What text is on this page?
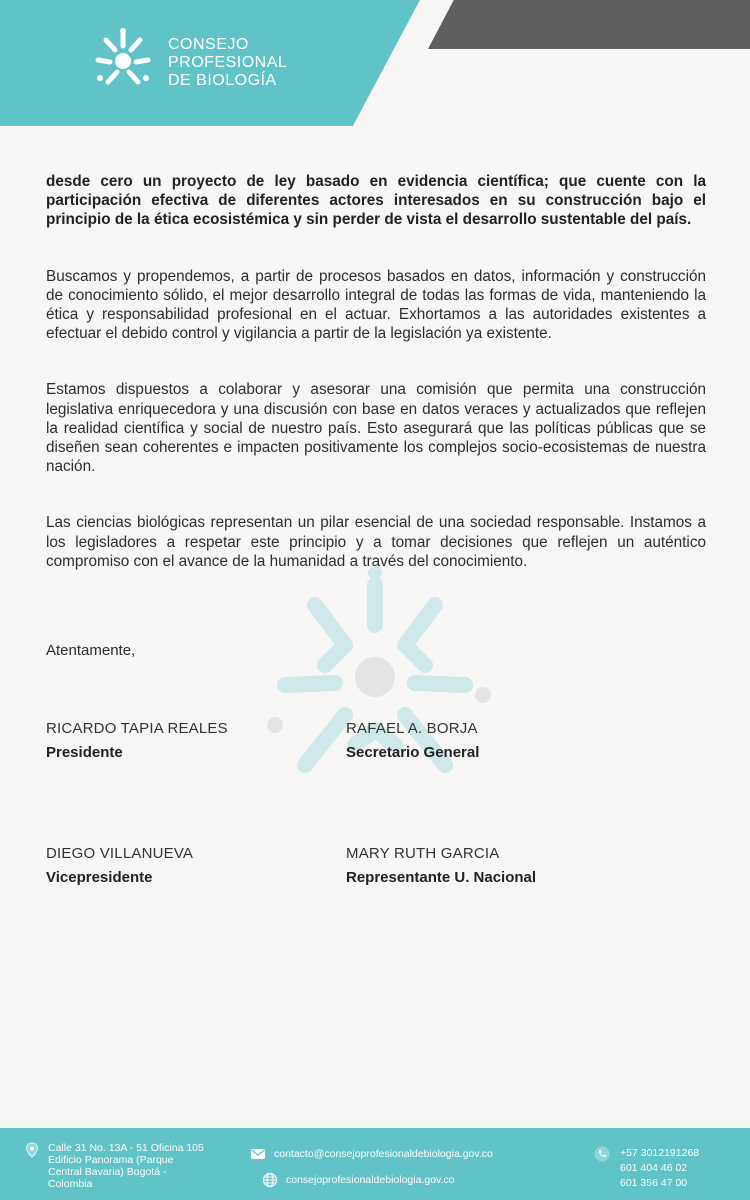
CONSEJO
PROFESIONAL
DE BIOLOGÍA

desde cero un proyecto de ley basado en evidencia científica; que cuente con la participación efectiva de diferentes actores interesados en su construcción bajo el principio de la ética ecosistémica y sin perder de vista el desarrollo sustentable del país.

Buscamos y propendemos, a partir de procesos basados en datos, información y construcción de conocimiento sólido, el mejor desarrollo integral de todas las formas de vida, manteniendo la ética y responsabilidad profesional en el actuar. Exhortamos a las autoridades existentes a efectuar el debido control y vigilancia a partir de la legislación ya existente.

Estamos dispuestos a colaborar y asesorar una comisión que permita una construcción legislativa enriquecedora y una discusión con base en datos veraces y actualizados que reflejen la realidad científica y social de nuestro país. Esto asegurará que las políticas públicas que se diseñen sean coherentes e impacten positivamente los complejos socio-ecosistemas de nuestra nación.

Las ciencias biológicas representan un pilar esencial de una sociedad responsable. Instamos a los legisladores a respetar este principio y a tomar decisiones que reflejen un auténtico compromiso con el avance de la humanidad a través del conocimiento.

Atentamente,
RICARDO TAPIA REALES
Presidente
RAFAEL A. BORJA
Secretario General
DIEGO VILLANUEVA
Vicepresidente
MARY RUTH GARCIA
Representante U. Nacional
Calle 31 No. 13A - 51 Oficina 105
Edificio Panorama (Parque
Central Bavaria) Bogotá -
Colombia
contacto@consejoprofesionaldebiologia.gov.co
consejoprofesionaldebiologia.gov.co
+57 3012191268
601 404 46 02
601 356 47 00
